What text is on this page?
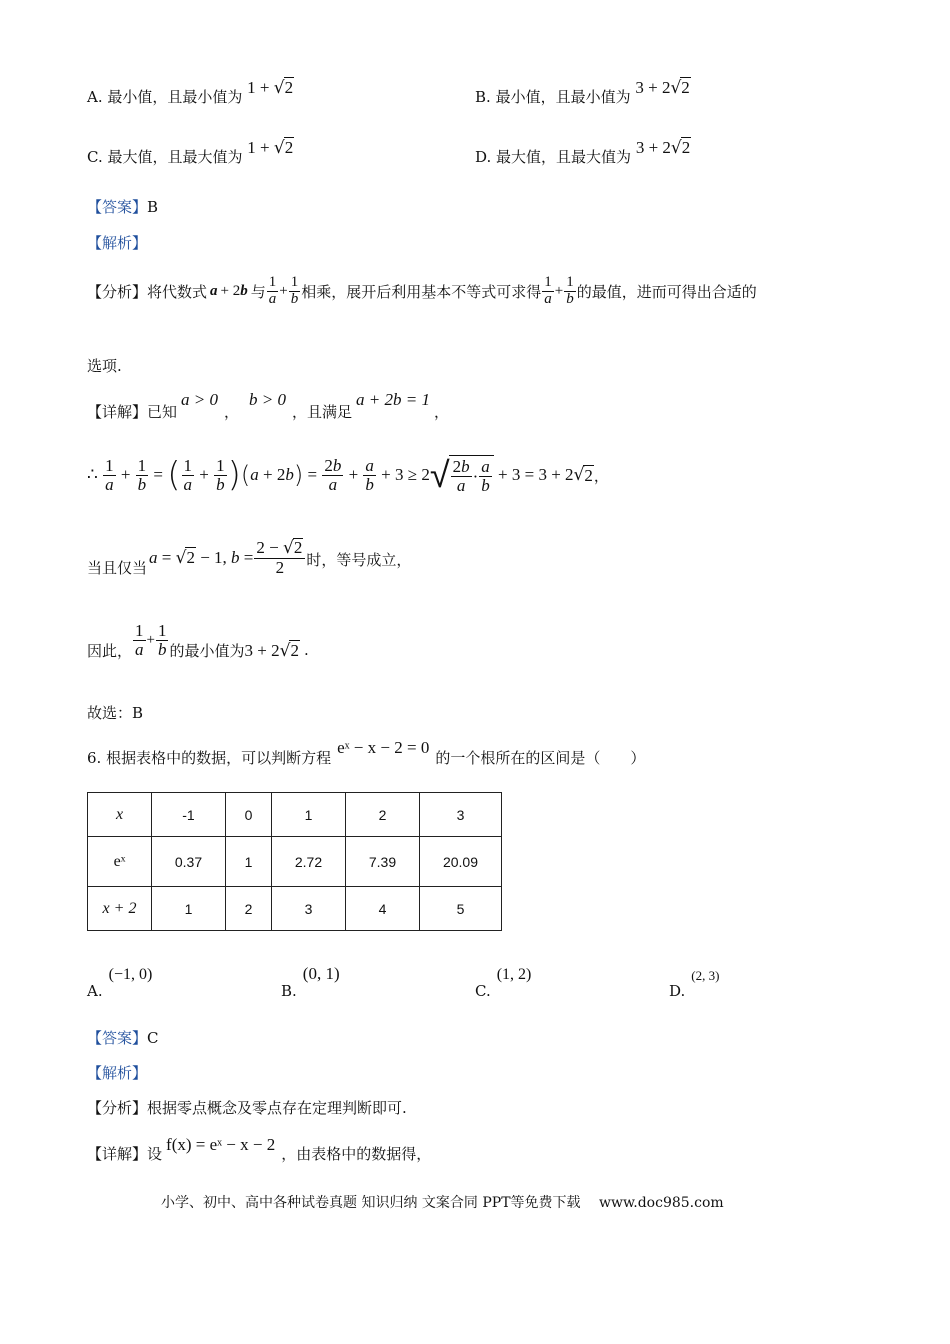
A. 最小值，且最小值为 1 + √2	B. 最小值，且最小值为 3 + 2√2
C. 最大值，且最大值为 1 + √2	D. 最大值，且最大值为 3 + 2√2
【答案】B
【解析】
【分析】 将代数式 a + 2 b 与 $\frac{1}{a} + \frac{1}{b}$ 相乘，展开后利用基本不等式可求得 $\frac{1}{a} + \frac{1}{b}$ 的最值，进而可得出合适的
选项.
【详解】 已知
a > 0
，
b > 0
，且满足
a + 2b = 1
，
∴ $\frac{1}{a} + \frac{1}{b}$ = ( $\frac{1}{a} + \frac{1}{b}$ ) ( a + 2 b ) = $\frac{2b}{a} + \frac{a}{b} + 3 \ge 2$ √ $\frac{2b}{a} \cdot \frac{a}{b} + 3 = 3 + 2$ √ 2 ，
当且仅当
a = √2 − 1, $b = \frac{2 - √2}{2}$ 时，等号成立，
因此， $\frac{1}{a} + \frac{1}{b}$ 的最小值为 3 + 2√2 .
故选：B
6. 根据表格中的数据，可以判断方程
eˣ − x − 2 = 0
的一个根所在的区间是（　　）
x	-1	0	1	2	3
eˣ	0.37	1	2.72	7.39	20.09
x + 2	1	2	3	4	5
A.
(−1, 0)
B.
(0, 1)
C.
(1, 2)
D.
(2, 3)
【答案】C
【解析】
【分析】根据零点概念及零点存在定理判断即可.
【详解】 设 f(x) = eˣ − x − 2 ，由表格中的数据得，
小学、初中、高中各种试卷真题 知识归纳 文案合同 PPT等免费下载 www.doc985.com
